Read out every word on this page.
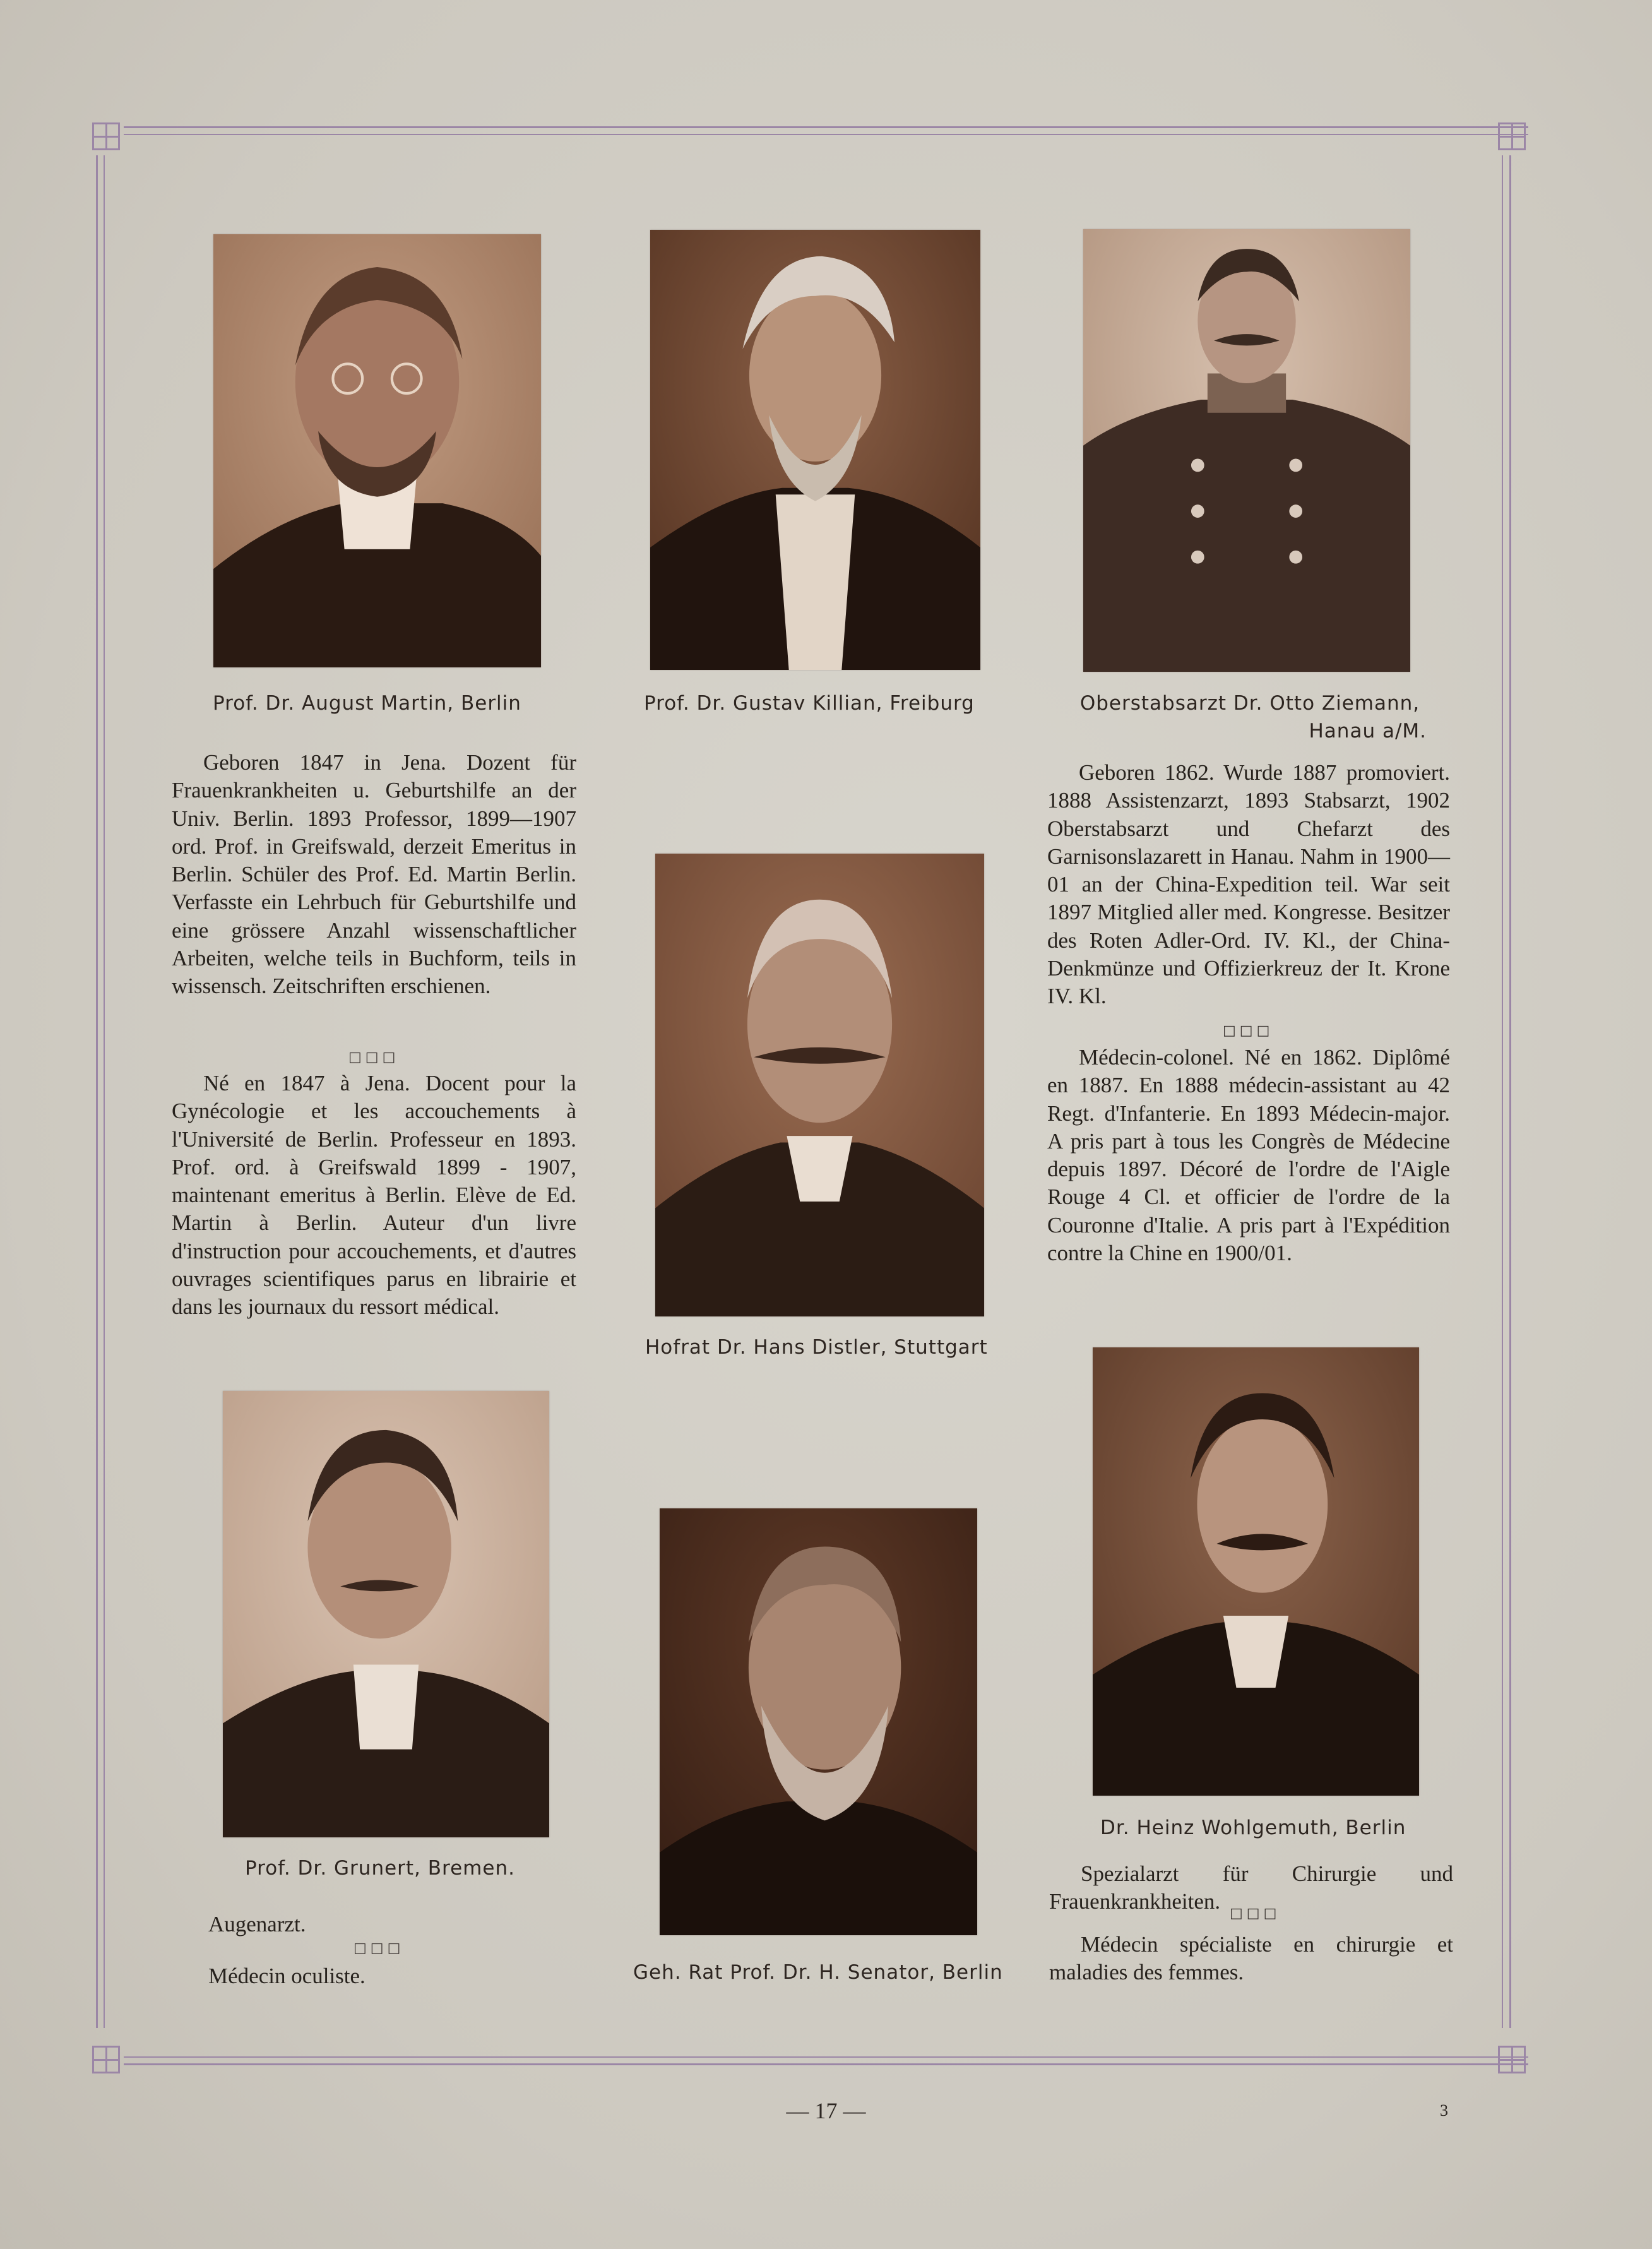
Prof. Dr. August Martin, Berlin	Prof. Dr. Gustav Killian, Freiburg	Oberstabsarzt Dr. Otto Ziemann,
Hanau a/M.
Hofrat Dr. Hans Distler, Stuttgart
Prof. Dr. Grunert, Bremen.
Geh. Rat Prof. Dr. H. Senator, Berlin
Dr. Heinz Wohlgemuth, Berlin

Geboren 1847 in Jena. Dozent für Frauenkrankheiten u. Geburtshilfe an der Univ. Berlin. 1893 Professor, 1899—1907 ord. Prof. in Greifswald, derzeit Emeritus in Berlin. Schüler des Prof. Ed. Martin Berlin. Verfasste ein Lehrbuch für Geburtshilfe und eine grössere Anzahl wissenschaftlicher Arbeiten, welche teils in Buchform, teils in wissensch. Zeitschriften erschienen.

□□□

Né en 1847 à Jena. Docent pour la Gynécologie et les accouchements à l'Université de Berlin. Professeur en 1893. Prof. ord. à Greifswald 1899 - 1907, maintenant emeritus à Berlin. Elève de Ed. Martin à Berlin. Auteur d'un livre d'instruction pour accouchements, et d'autres ouvrages scientifiques parus en librairie et dans les journaux du ressort médical.

Geboren 1862. Wurde 1887 promoviert. 1888 Assistenzarzt, 1893 Stabsarzt, 1902 Oberstabsarzt und Chefarzt des Garnisonslazarett in Hanau. Nahm in 1900—01 an der China-Expedition teil. War seit 1897 Mitglied aller med. Kongresse. Besitzer des Roten Adler-Ord. IV. Kl., der China-Denkmünze und Offizierkreuz der It. Krone IV. Kl.

□□□

Médecin-colonel. Né en 1862. Diplômé en 1887. En 1888 médecin-assistant au 42 Regt. d'Infanterie. En 1893 Médecin-major. A pris part à tous les Congrès de Médecine depuis 1897. Décoré de l'ordre de l'Aigle Rouge 4 Cl. et officier de l'ordre de la Couronne d'Italie. A pris part à l'Expédition contre la Chine en 1900/01.

Augenarzt.

□□□

Médecin oculiste.

Spezialarzt für Chirurgie und Frauenkrankheiten. □□□

Médecin spécialiste en chirurgie et maladies des femmes.

— 17 —	3
